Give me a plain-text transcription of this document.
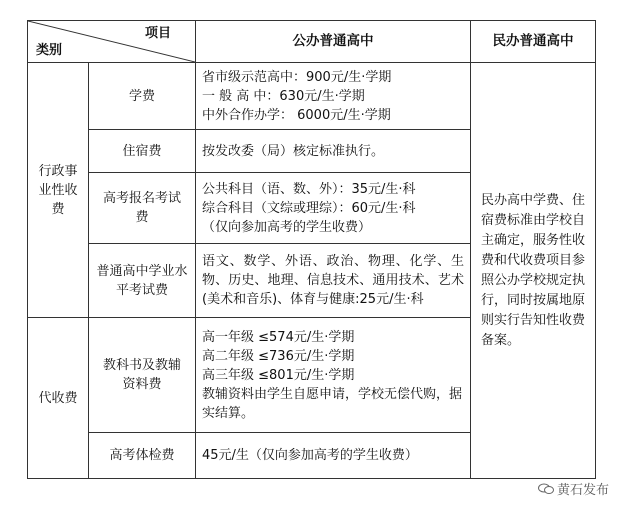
项目
类别		公办普通高中	民办普通高中
行政事业性收费	学费	省市级示范高中：900元/生·学期
一 般 高 中：630元/生·学期
中外合作办学： 6000元/生·学期	民办高中学费、住宿费标准由学校自主确定，服务性收费和代收费项目参照公办学校规定执行，同时按属地原则实行告知性收费备案。
	住宿费	按发改委（局）核定标准执行。	

	高考报名考试费	公共科目（语、数、外）：35元/生·科
综合科目（文综或理综）：60元/生·科
（仅向参加高考的学生收费）	

	普通高中学业水平考试费	语文、数学、外语、政治、物理、化学、生物、历史、地理、信息技术、通用技术、艺术(美术和音乐)、体育与健康:25元/生·科	

代收费	教科书及教辅资料费	高一年级 ≤574元/生·学期
高二年级 ≤736元/生·学期
高三年级 ≤801元/生·学期
教辅资料由学生自愿申请，学校无偿代购，据实结算。	

	高考体检费	45元/生（仅向参加高考的学生收费）	
黄石发布
